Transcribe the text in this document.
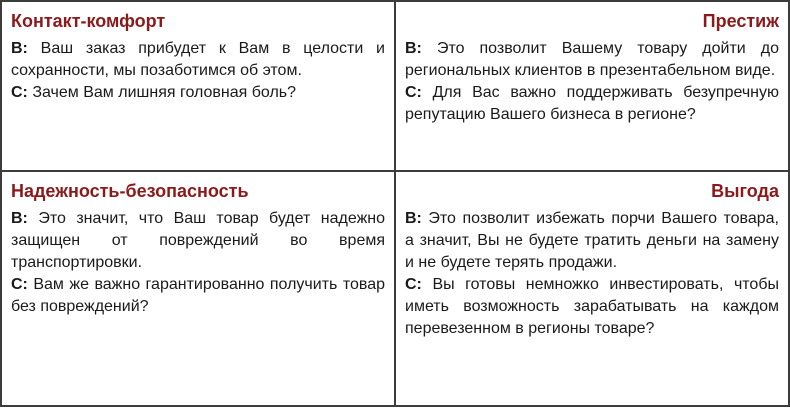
Контакт-комфорт

В: Ваш заказ прибудет к Вам в целости и сохранности, мы позаботимся об этом.

С: Зачем Вам лишняя головная боль?

Престиж

В: Это позволит Вашему товару дойти до региональных клиентов в презентабельном виде.

С: Для Вас важно поддерживать безупречную репутацию Вашего бизнеса в регионе?

Надежность-безопасность

В: Это значит, что Ваш товар будет надежно защищен от повреждений во время транспортировки.

С: Вам же важно гарантированно получить товар без повреждений?

Выгода

В: Это позволит избежать порчи Вашего товара, а значит, Вы не будете тратить деньги на замену и не будете терять продажи.

С: Вы готовы немножко инвестировать, чтобы иметь возможность зарабатывать на каждом перевезенном в регионы товаре?
